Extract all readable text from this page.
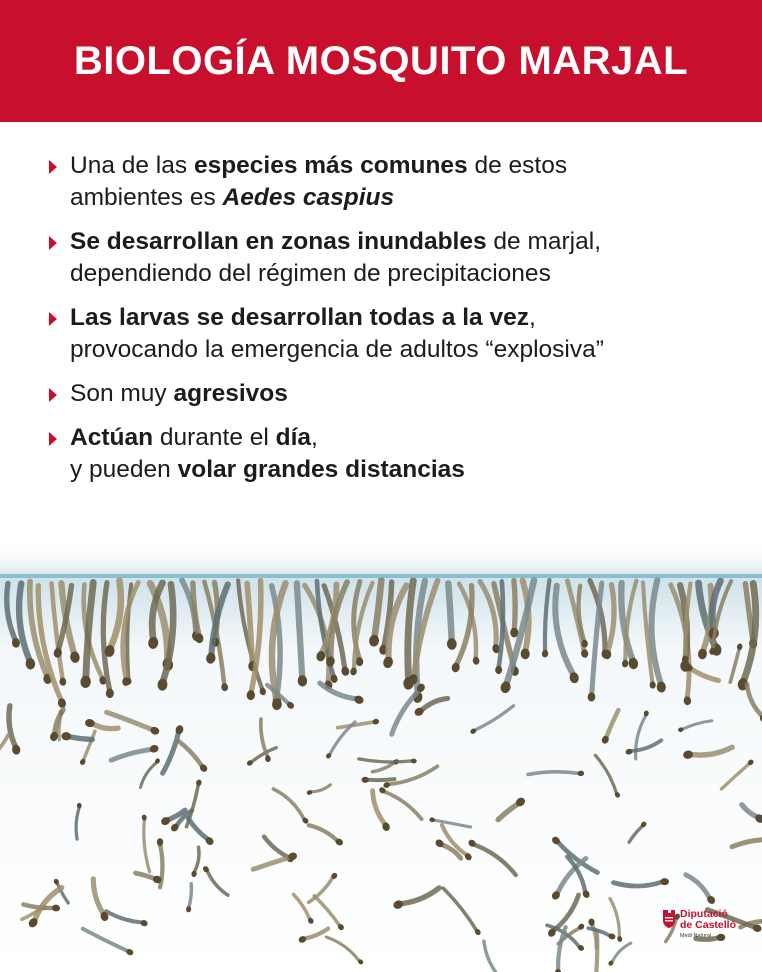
BIOLOGÍA MOSQUITO MARJAL
Una de las especies más comunes de estos
ambientes es Aedes caspius
Se desarrollan en zonas inundables de marjal,
dependiendo del régimen de precipitaciones
Las larvas se desarrollan todas a la vez,
provocando la emergencia de adultos “explosiva”
Son muy agresivos
Actúan durante el día,
y pueden volar grandes distancias
Diputació
de Castelló
Medi Natural
